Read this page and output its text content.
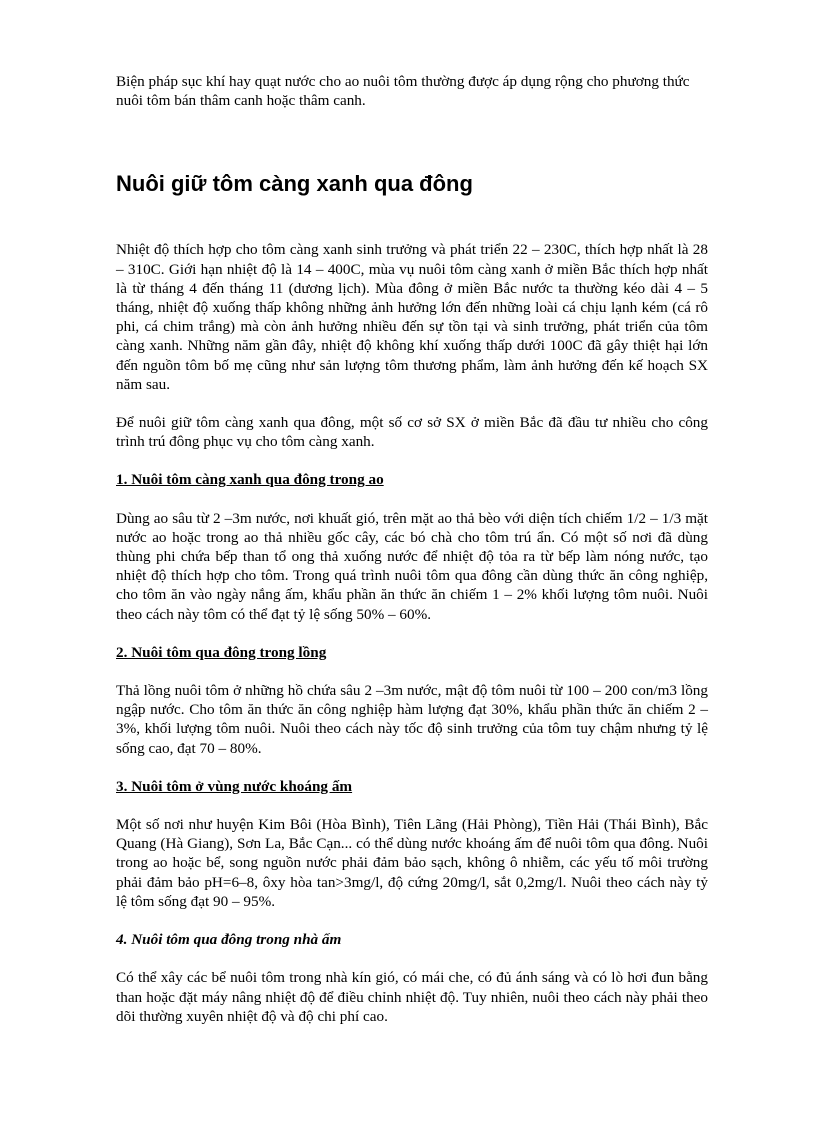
Biện pháp sục khí hay quạt nước cho ao nuôi tôm thường được áp dụng rộng cho phương thức nuôi tôm bán thâm canh hoặc thâm canh.

Nuôi giữ tôm càng xanh qua đông

Nhiệt độ thích hợp cho tôm càng xanh sinh trưởng và phát triển 22 – 230C, thích hợp nhất là 28 – 310C. Giới hạn nhiệt độ là 14 – 400C, mùa vụ nuôi tôm càng xanh ở miền Bắc thích hợp nhất là từ tháng 4 đến tháng 11 (dương lịch). Mùa đông ở miền Bắc nước ta thường kéo dài 4 – 5 tháng, nhiệt độ xuống thấp không những ảnh hưởng lớn đến những loài cá chịu lạnh kém (cá rô phi, cá chim trắng) mà còn ảnh hưởng nhiều đến sự tồn tại và sinh trưởng, phát triển của tôm càng xanh. Những năm gần đây, nhiệt độ không khí xuống thấp dưới 100C đã gây thiệt hại lớn đến nguồn tôm bố mẹ cũng như sản lượng tôm thương phẩm, làm ảnh hưởng đến kế hoạch SX năm sau.

Để nuôi giữ tôm càng xanh qua đông, một số cơ sở SX ở miền Bắc đã đầu tư nhiều cho công trình trú đông phục vụ cho tôm càng xanh.

1. Nuôi tôm càng xanh qua đông trong ao

Dùng ao sâu từ 2 –3m nước, nơi khuất gió, trên mặt ao thả bèo với diện tích chiếm 1/2 – 1/3 mặt nước ao hoặc trong ao thả nhiều gốc cây, các bó chà cho tôm trú ẩn. Có một số nơi đã dùng thùng phi chứa bếp than tổ ong thả xuống nước để nhiệt độ tỏa ra từ bếp làm nóng nước, tạo nhiệt độ thích hợp cho tôm. Trong quá trình nuôi tôm qua đông cần dùng thức ăn công nghiệp, cho tôm ăn vào ngày nắng ấm, khẩu phần ăn thức ăn chiếm 1 – 2% khối lượng tôm nuôi. Nuôi theo cách này tôm có thể đạt tỷ lệ sống 50% – 60%.

2. Nuôi tôm qua đông trong lồng

Thả lồng nuôi tôm ở những hồ chứa sâu 2 –3m nước, mật độ tôm nuôi từ 100 – 200 con/m3 lồng ngập nước. Cho tôm ăn thức ăn công nghiệp hàm lượng đạt 30%, khẩu phần thức ăn chiếm 2 – 3%, khối lượng tôm nuôi. Nuôi theo cách này tốc độ sinh trưởng của tôm tuy chậm nhưng tỷ lệ sống cao, đạt 70 – 80%.

3. Nuôi tôm ở vùng nước khoáng ấm

Một số nơi như huyện Kim Bôi (Hòa Bình), Tiên Lãng (Hải Phòng), Tiền Hải (Thái Bình), Bắc Quang (Hà Giang), Sơn La, Bắc Cạn... có thể dùng nước khoáng ấm để nuôi tôm qua đông. Nuôi trong ao hoặc bể, song nguồn nước phải đảm bảo sạch, không ô nhiễm, các yếu tố môi trường phải đảm bảo pH=6–8, ôxy hòa tan>3mg/l, độ cứng 20mg/l, sắt 0,2mg/l. Nuôi theo cách này tỷ lệ tôm sống đạt 90 – 95%.

4. Nuôi tôm qua đông trong nhà ấm

Có thể xây các bể nuôi tôm trong nhà kín gió, có mái che, có đủ ánh sáng và có lò hơi đun bằng than hoặc đặt máy nâng nhiệt độ để điều chỉnh nhiệt độ. Tuy nhiên, nuôi theo cách này phải theo dõi thường xuyên nhiệt độ và độ chi phí cao.
